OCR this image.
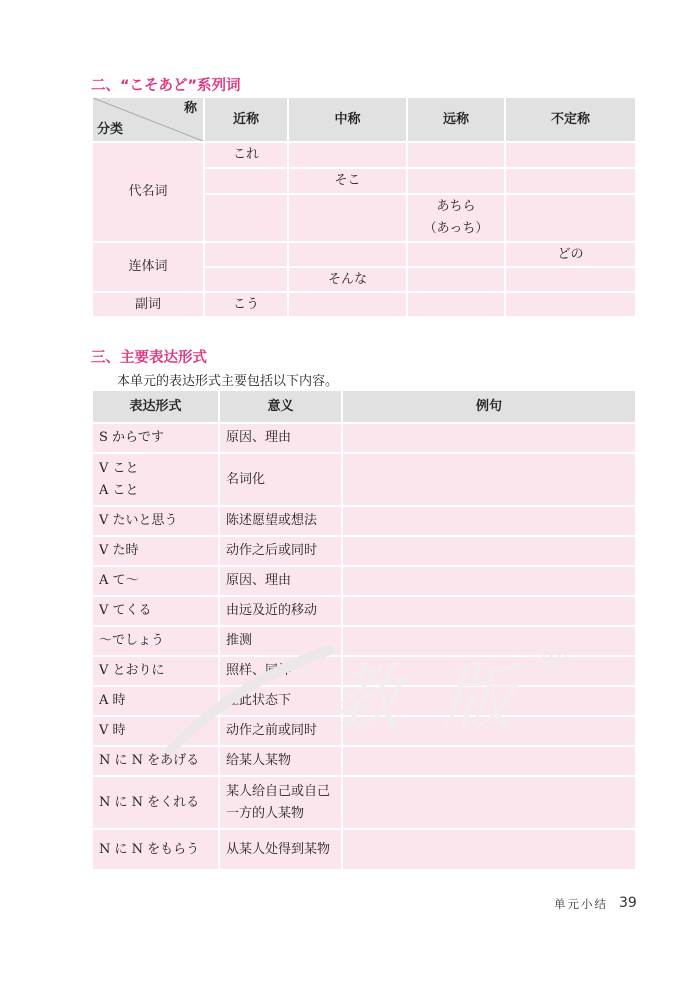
二、“こそあど”系列词
称
分类	近称	中称	远称	不定称
代名词	これ			
		そこ		

			あちら
（あっち）	

连体词				どの
		そんな		
副词	こう			
三、主要表达形式
本单元的表达形式主要包括以下内容。
表达形式	意义	例句
S からです	原因、理由	

V こと
A こと	名词化	
V たいと思う	陈述愿望或想法	
V た時	动作之后或同时	
A て～	原因、理由	
V てくる	由远及近的移动	
～でしょう	推测	
V とおりに	照样、同样	
A 時	在此状态下	
V 時	动作之前或同时	
N に N をあげる	给某人某物	
N に N をくれる	某人给自己或自己
一方的人某物	

N に N をもらう	从某人处得到某物	
教版
®
单元小结 39
